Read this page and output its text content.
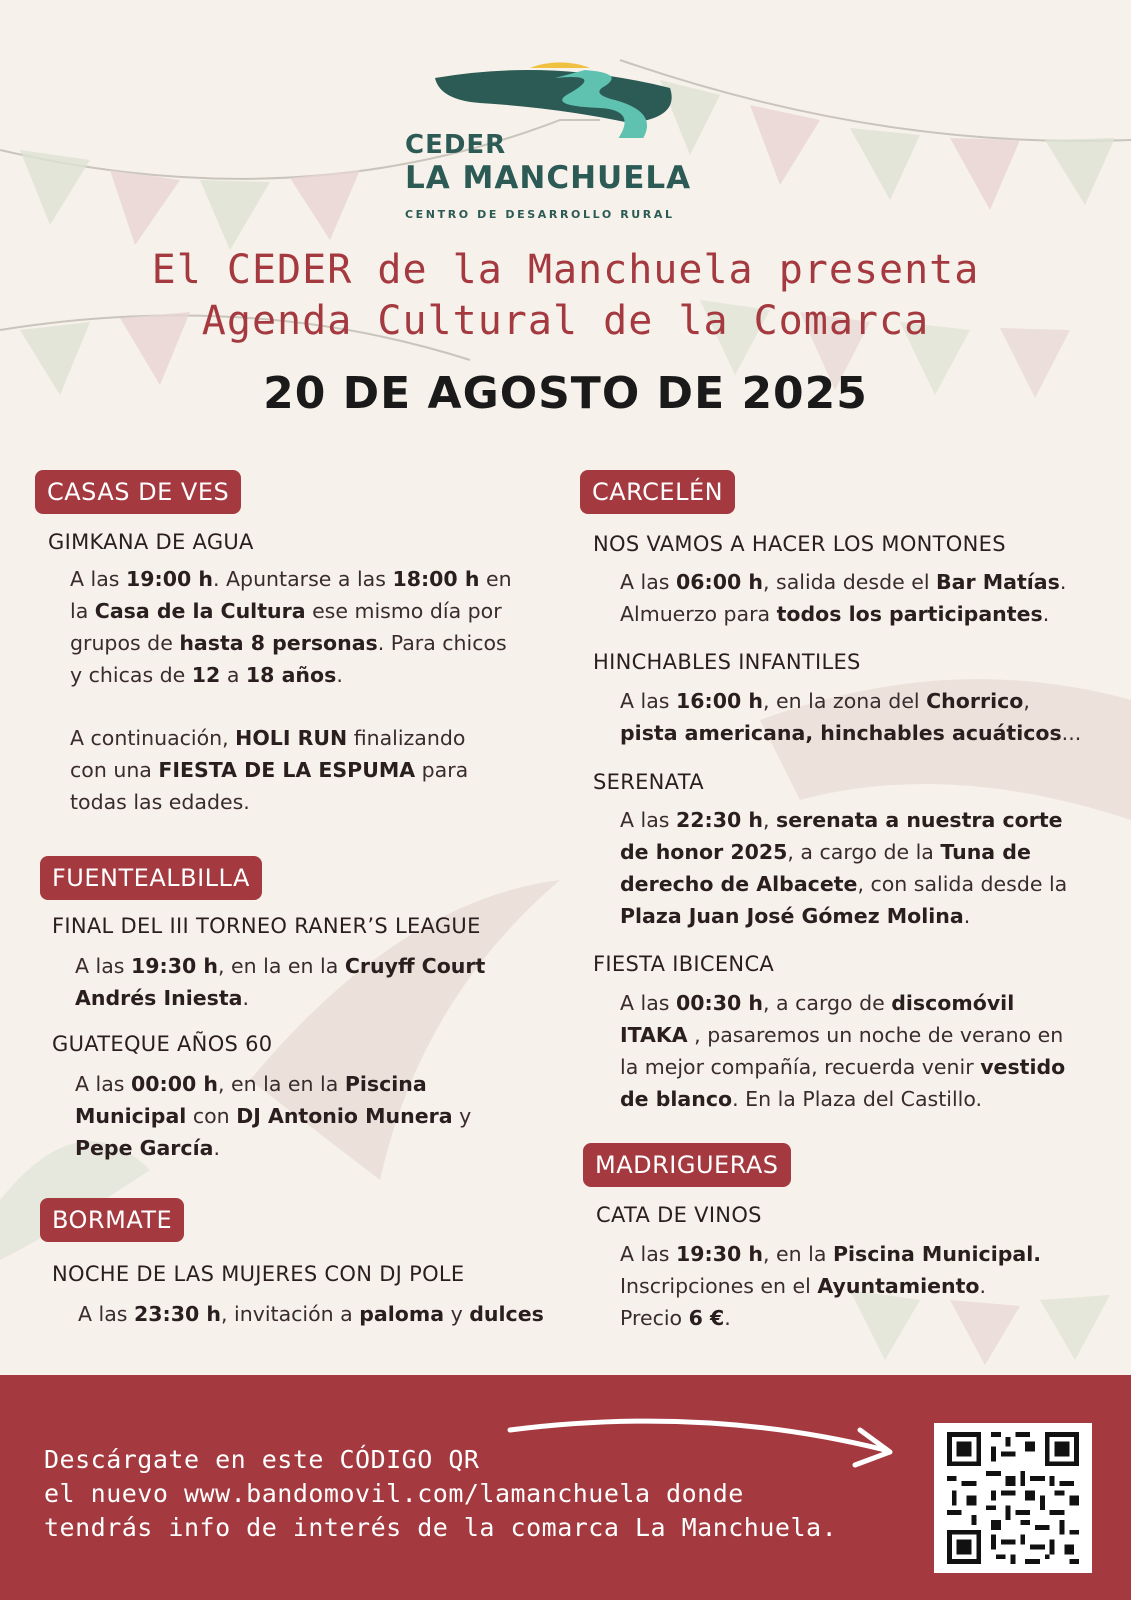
CEDER
LA MANCHUELA
CENTRO DE DESARROLLO RURAL
El CEDER de la Manchuela presenta
Agenda Cultural de la Comarca
20 DE AGOSTO DE 2025
CASAS DE VES
GIMKANA DE AGUA
A las 19:00 h. Apuntarse a las 18:00 h en
la Casa de la Cultura ese mismo día por
grupos de hasta 8 personas. Para chicos
y chicas de 12 a 18 años.
A continuación, HOLI RUN finalizando
con una FIESTA DE LA ESPUMA para
todas las edades.
FUENTEALBILLA
FINAL DEL III TORNEO RANER’S LEAGUE
A las 19:30 h, en la en la Cruyff Court
Andrés Iniesta.
GUATEQUE AÑOS 60
A las 00:00 h, en la en la Piscina
Municipal con DJ Antonio Munera y
Pepe García.
BORMATE
NOCHE DE LAS MUJERES CON DJ POLE
A las 23:30 h, invitación a paloma y dulces
CARCELÉN
NOS VAMOS A HACER LOS MONTONES
A las 06:00 h, salida desde el Bar Matías.
Almuerzo para todos los participantes.
HINCHABLES INFANTILES
A las 16:00 h, en la zona del Chorrico,
pista americana, hinchables acuáticos...
SERENATA
A las 22:30 h, serenata a nuestra corte
de honor 2025, a cargo de la Tuna de
derecho de Albacete, con salida desde la
Plaza Juan José Gómez Molina.
FIESTA IBICENCA
A las 00:30 h, a cargo de discomóvil
ITAKA , pasaremos un noche de verano en
la mejor compañía, recuerda venir vestido
de blanco. En la Plaza del Castillo.
MADRIGUERAS
CATA DE VINOS
A las 19:30 h, en la Piscina Municipal.
Inscripciones en el Ayuntamiento.
Precio 6 €.
Descárgate en este CÓDIGO QR
el nuevo www.bandomovil.com/lamanchuela donde
tendrás info de interés de la comarca La Manchuela.
